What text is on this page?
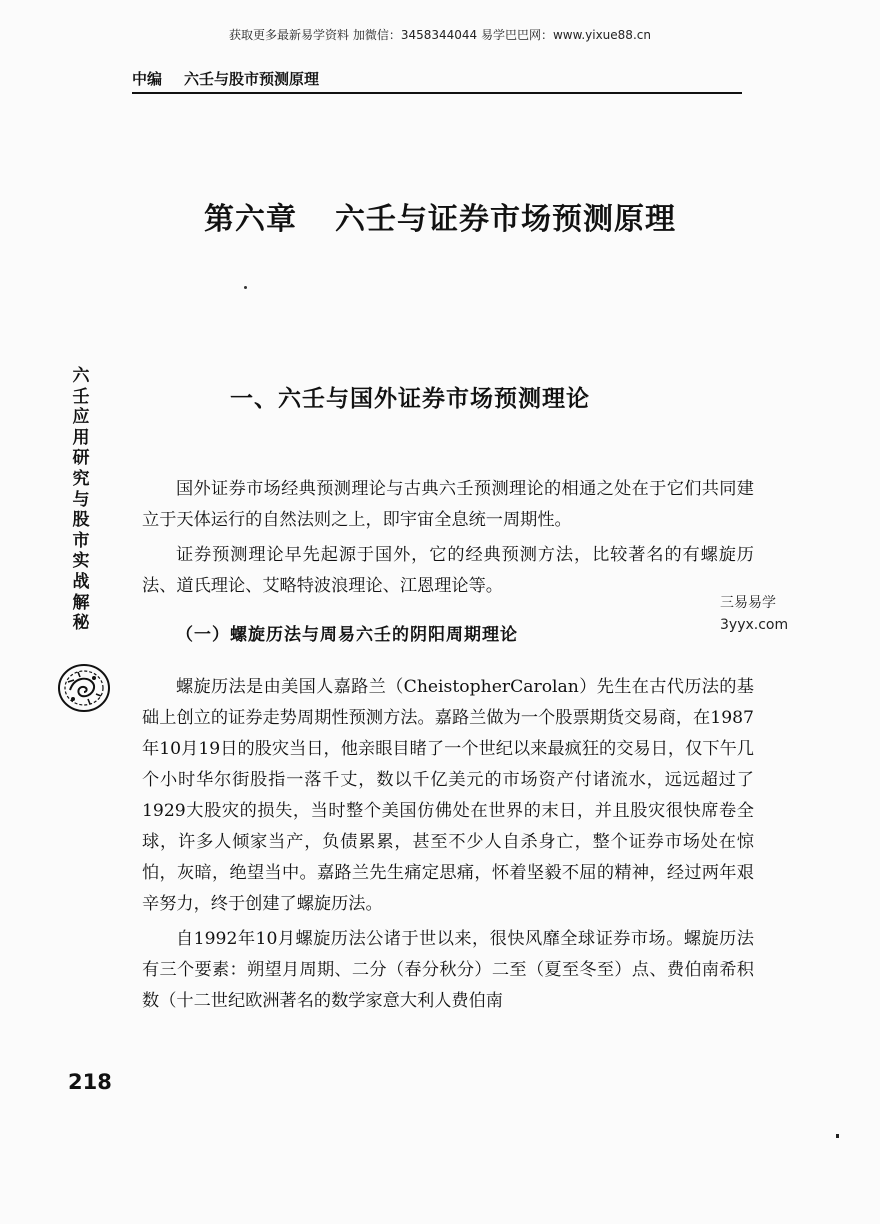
获取更多最新易学资料 加微信：3458344044 易学巴巴网：www.yixue88.cn
中编 六壬与股市预测原理
第六章 六壬与证券市场预测原理
一、六壬与国外证券市场预测理论
六
壬
应
用
研
究
与
股
市
实
战
解
秘

国外证券市场经典预测理论与古典六壬预测理论的相通之处在于它们共同建立于天体运行的自然法则之上，即宇宙全息统一周期性。

证券预测理论早先起源于国外，它的经典预测方法，比较著名的有螺旋历法、道氏理论、艾略特波浪理论、江恩理论等。

三易易学
3yyx.com
（一）螺旋历法与周易六壬的阴阳周期理论

螺旋历法是由美国人嘉路兰（CheistopherCarolan）先生在古代历法的基础上创立的证券走势周期性预测方法。嘉路兰做为一个股票期货交易商，在1987年10月19日的股灾当日，他亲眼目睹了一个世纪以来最疯狂的交易日，仅下午几个小时华尔街股指一落千丈，数以千亿美元的市场资产付诸流水，远远超过了1929大股灾的损失，当时整个美国仿佛处在世界的末日，并且股灾很快席卷全球，许多人倾家当产，负债累累，甚至不少人自杀身亡，整个证券市场处在惊怕，灰暗，绝望当中。嘉路兰先生痛定思痛，怀着坚毅不屈的精神，经过两年艰辛努力，终于创建了螺旋历法。

自1992年10月螺旋历法公诸于世以来，很快风靡全球证券市场。螺旋历法有三个要素：朔望月周期、二分（春分秋分）二至（夏至冬至）点、费伯南希积数（十二世纪欧洲著名的数学家意大利人费伯南

218
